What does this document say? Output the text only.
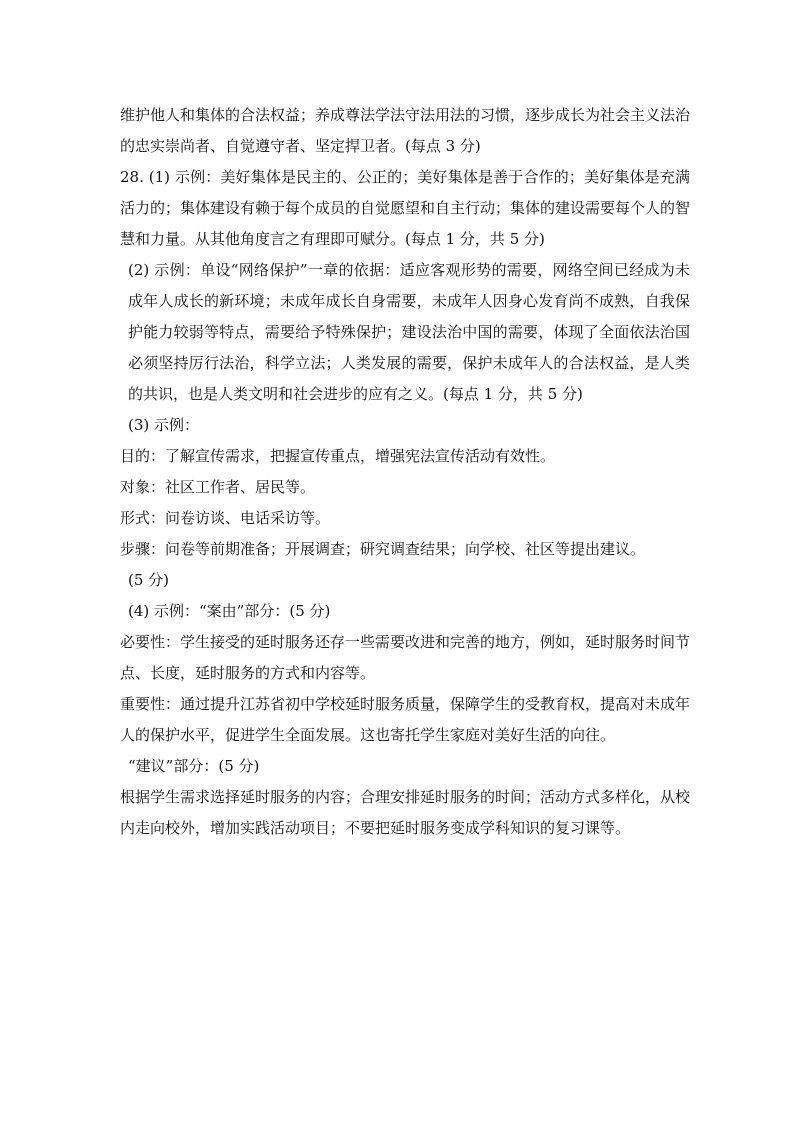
维护他人和集体的合法权益；养成尊法学法守法用法的习惯，逐步成长为社会主义法治的忠实崇尚者、自觉遵守者、坚定捍卫者。(每点 3 分)

28. (1) 示例：美好集体是民主的、公正的；美好集体是善于合作的；美好集体是充满活力的；集体建设有赖于每个成员的自觉愿望和自主行动；集体的建设需要每个人的智慧和力量。从其他角度言之有理即可赋分。(每点 1 分，共 5 分)

(2) 示例：单设“网络保护”一章的依据：适应客观形势的需要，网络空间已经成为未成年人成长的新环境；未成年成长自身需要，未成年人因身心发育尚不成熟，自我保护能力较弱等特点，需要给予特殊保护；建设法治中国的需要，体现了全面依法治国必须坚持厉行法治，科学立法；人类发展的需要，保护未成年人的合法权益，是人类的共识，也是人类文明和社会进步的应有之义。(每点 1 分，共 5 分)

(3) 示例：

目的：了解宣传需求，把握宣传重点，增强宪法宣传活动有效性。

对象：社区工作者、居民等。

形式：问卷访谈、电话采访等。

步骤：问卷等前期准备；开展调查；研究调查结果；向学校、社区等提出建议。

(5 分)

(4) 示例：“案由”部分：(5 分)

必要性：学生接受的延时服务还存一些需要改进和完善的地方，例如，延时服务时间节点、长度，延时服务的方式和内容等。

重要性：通过提升江苏省初中学校延时服务质量，保障学生的受教育权，提高对未成年人的保护水平，促进学生全面发展。这也寄托学生家庭对美好生活的向往。

“建议”部分：(5 分)

根据学生需求选择延时服务的内容；合理安排延时服务的时间；活动方式多样化，从校内走向校外，增加实践活动项目；不要把延时服务变成学科知识的复习课等。
